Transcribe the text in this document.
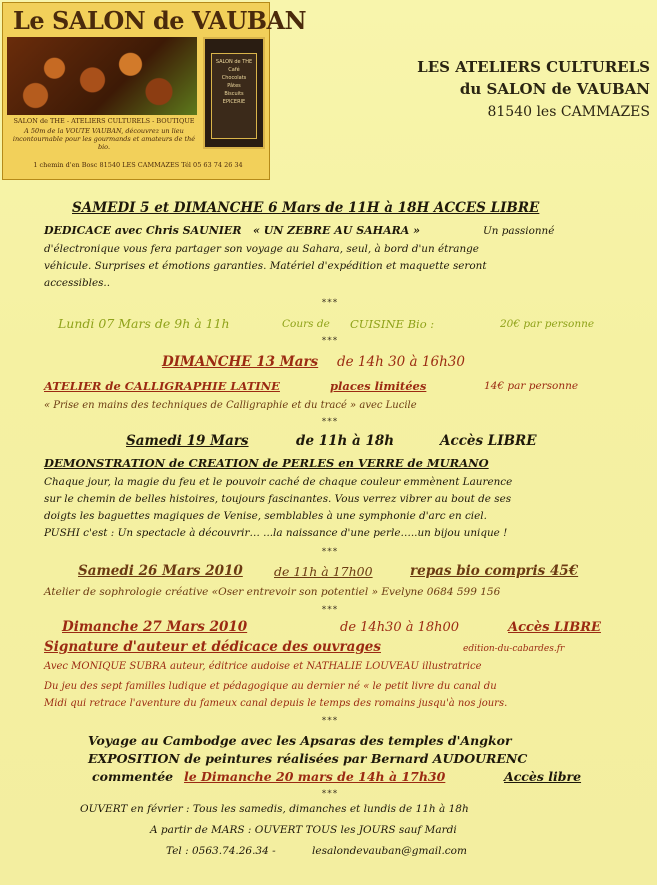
Le SALON de VAUBAN
SALON de THE
Café
Chocolats
Pâtes
Biscuits
EPICERIE
SALON de THE - ATELIERS CULTURELS - BOUTIQUE
A 50m de la VOUTE VAUBAN, découvrez un lieu incontournable pour les gourmands et amateurs de thé bio.
1 chemin d'en Bosc 81540 LES CAMMAZES Tél 05 63 74 26 34
LES ATELIERS CULTURELS
du SALON de VAUBAN
81540 les CAMMAZES
SAMEDI 5 et DIMANCHE 6 Mars de 11H à 18H ACCES LIBRE
DEDICACE avec Chris SAUNIER « UN ZEBRE AU SAHARA »	Un passionné
d'électronique vous fera partager son voyage au Sahara, seul, à bord d'un étrange
véhicule. Surprises et émotions garanties. Matériel d'expédition et maquette seront
accessibles..
***
Lundi 07 Mars de 9h à 11h	Cours de CUISINE Bio :	20€ par personne
***
DIMANCHE 13 Mars de 14h 30 à 16h30
ATELIER de CALLIGRAPHIE LATINE	places limitées	14€ par personne
« Prise en mains des techniques de Calligraphie et du tracé » avec Lucile
***
Samedi 19 Mars	de 11h à 18h	Accès LIBRE
DEMONSTRATION de CREATION de PERLES en VERRE de MURANO
Chaque jour, la magie du feu et le pouvoir caché de chaque couleur emmènent Laurence
sur le chemin de belles histoires, toujours fascinantes. Vous verrez vibrer au bout de ses
doigts les baguettes magiques de Venise, semblables à une symphonie d'arc en ciel.
PUSHI c'est : Un spectacle à découvrir… ...la naissance d'une perle…..un bijou unique !
***
Samedi 26 Mars 2010 de 11h à 17h00	repas bio compris 45€
Atelier de sophrologie créative «Oser entrevoir son potentiel » Evelyne 0684 599 156
***
Dimanche 27 Mars 2010	de 14h30 à 18h00	Accès LIBRE
Signature d'auteur et dédicace des ouvrages	edition-du-cabardes.fr
Avec MONIQUE SUBRA auteur, éditrice audoise et NATHALIE LOUVEAU illustratrice
Du jeu des sept familles ludique et pédagogique au dernier né « le petit livre du canal du
Midi qui retrace l'aventure du fameux canal depuis le temps des romains jusqu'à nos jours.
***
Voyage au Cambodge avec les Apsaras des temples d'Angkor
EXPOSITION de peintures réalisées par Bernard AUDOURENC
commentée le Dimanche 20 mars de 14h à 17h30	Accès libre
***
OUVERT en février : Tous les samedis, dimanches et lundis de 11h à 18h
A partir de MARS : OUVERT TOUS les JOURS sauf Mardi
Tel : 0563.74.26.34 -	lesalondevauban@gmail.com
